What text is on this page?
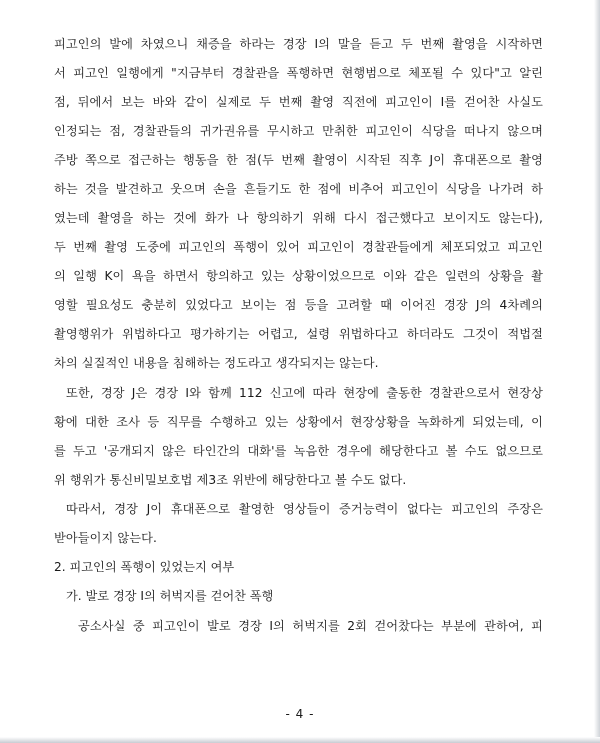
피고인의 발에 차였으니 채증을 하라는 경장 I의 말을 듣고 두 번째 촬영을 시작하면
서 피고인 일행에게 "지금부터 경찰관을 폭행하면 현행범으로 체포될 수 있다"고 알린
점, 뒤에서 보는 바와 같이 실제로 두 번째 촬영 직전에 피고인이 I를 걷어찬 사실도
인정되는 점, 경찰관들의 귀가권유를 무시하고 만취한 피고인이 식당을 떠나지 않으며
주방 쪽으로 접근하는 행동을 한 점(두 번째 촬영이 시작된 직후 J이 휴대폰으로 촬영
하는 것을 발견하고 웃으며 손을 흔들기도 한 점에 비추어 피고인이 식당을 나가려 하
였는데 촬영을 하는 것에 화가 나 항의하기 위해 다시 접근했다고 보이지도 않는다),
두 번째 촬영 도중에 피고인의 폭행이 있어 피고인이 경찰관들에게 체포되었고 피고인
의 일행 K이 욕을 하면서 항의하고 있는 상황이었으므로 이와 같은 일련의 상황을 촬
영할 필요성도 충분히 있었다고 보이는 점 등을 고려할 때 이어진 경장 J의 4차례의
촬영행위가 위법하다고 평가하기는 어렵고, 설령 위법하다고 하더라도 그것이 적법절
차의 실질적인 내용을 침해하는 정도라고 생각되지는 않는다.
또한, 경장 J은 경장 I와 함께 112 신고에 따라 현장에 출동한 경찰관으로서 현장상
황에 대한 조사 등 직무를 수행하고 있는 상황에서 현장상황을 녹화하게 되었는데, 이
를 두고 '공개되지 않은 타인간의 대화'를 녹음한 경우에 해당한다고 볼 수도 없으므로
위 행위가 통신비밀보호법 제3조 위반에 해당한다고 볼 수도 없다.
따라서, 경장 J이 휴대폰으로 촬영한 영상들이 증거능력이 없다는 피고인의 주장은
받아들이지 않는다.
2. 피고인의 폭행이 있었는지 여부
가. 발로 경장 I의 허벅지를 걷어찬 폭행
공소사실 중 피고인이 발로 경장 I의 허벅지를 2회 걷어찼다는 부분에 관하여, 피
- 4 -
